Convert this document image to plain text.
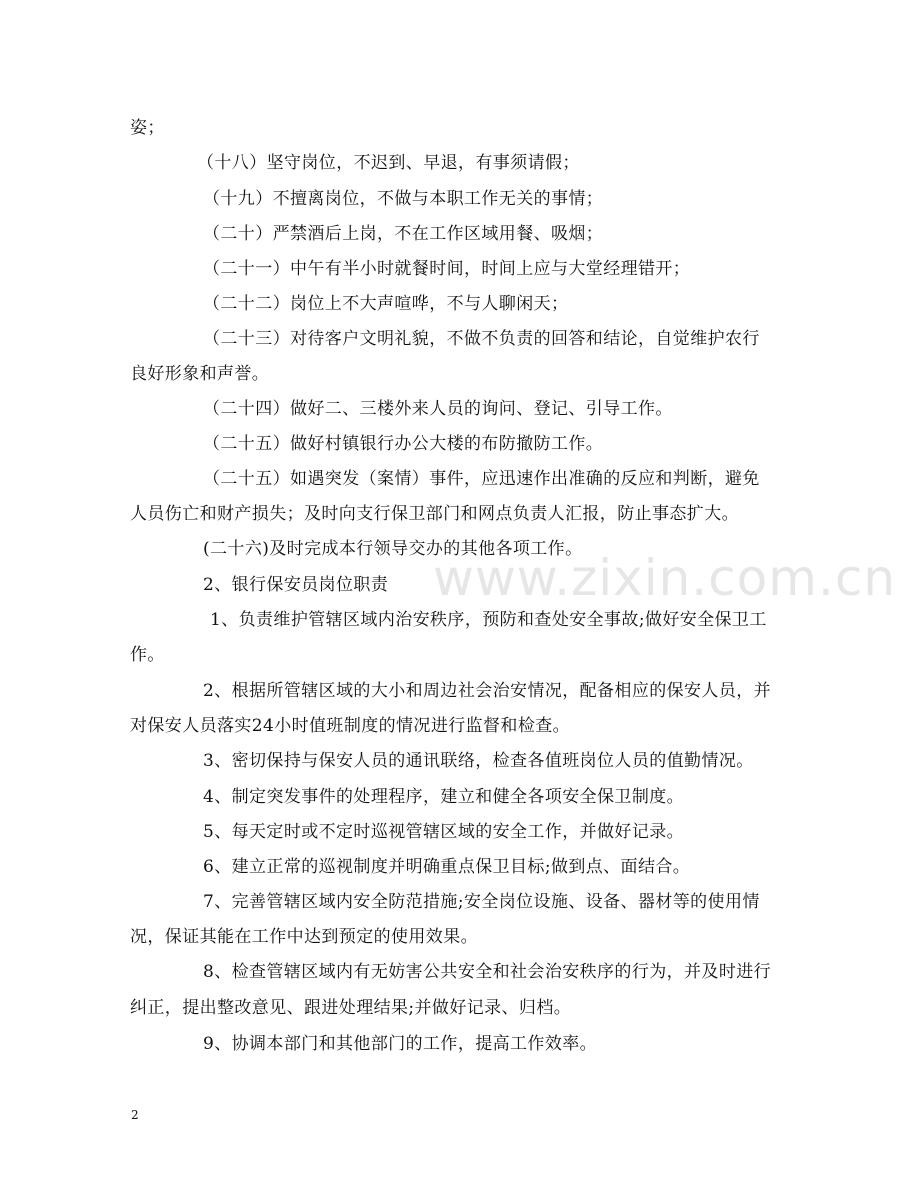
www.zixin.com.cn
姿；
（十八）坚守岗位，不迟到、早退，有事须请假；
（十九）不擅离岗位，不做与本职工作无关的事情；
（二十）严禁酒后上岗，不在工作区域用餐、吸烟；
（二十一）中午有半小时就餐时间，时间上应与大堂经理错开；
（二十二）岗位上不大声喧哗，不与人聊闲天；
（二十三）对待客户文明礼貌，不做不负责的回答和结论，自觉维护农行
良好形象和声誉。
（二十四）做好二、三楼外来人员的询问、登记、引导工作。
（二十五）做好村镇银行办公大楼的布防撤防工作。
（二十五）如遇突发（案情）事件，应迅速作出准确的反应和判断，避免
人员伤亡和财产损失；及时向支行保卫部门和网点负责人汇报，防止事态扩大。
(二十六)及时完成本行领导交办的其他各项工作。
2、银行保安员岗位职责
1、负责维护管辖区域内治安秩序，预防和查处安全事故;做好安全保卫工
作。
2、根据所管辖区域的大小和周边社会治安情况，配备相应的保安人员，并
对保安人员落实24小时值班制度的情况进行监督和检查。
3、密切保持与保安人员的通讯联络，检查各值班岗位人员的值勤情况。
4、制定突发事件的处理程序，建立和健全各项安全保卫制度。
5、每天定时或不定时巡视管辖区域的安全工作，并做好记录。
6、建立正常的巡视制度并明确重点保卫目标;做到点、面结合。
7、完善管辖区域内安全防范措施;安全岗位设施、设备、器材等的使用情
况，保证其能在工作中达到预定的使用效果。
8、检查管辖区域内有无妨害公共安全和社会治安秩序的行为，并及时进行
纠正，提出整改意见、跟进处理结果;并做好记录、归档。
9、协调本部门和其他部门的工作，提高工作效率。
2
